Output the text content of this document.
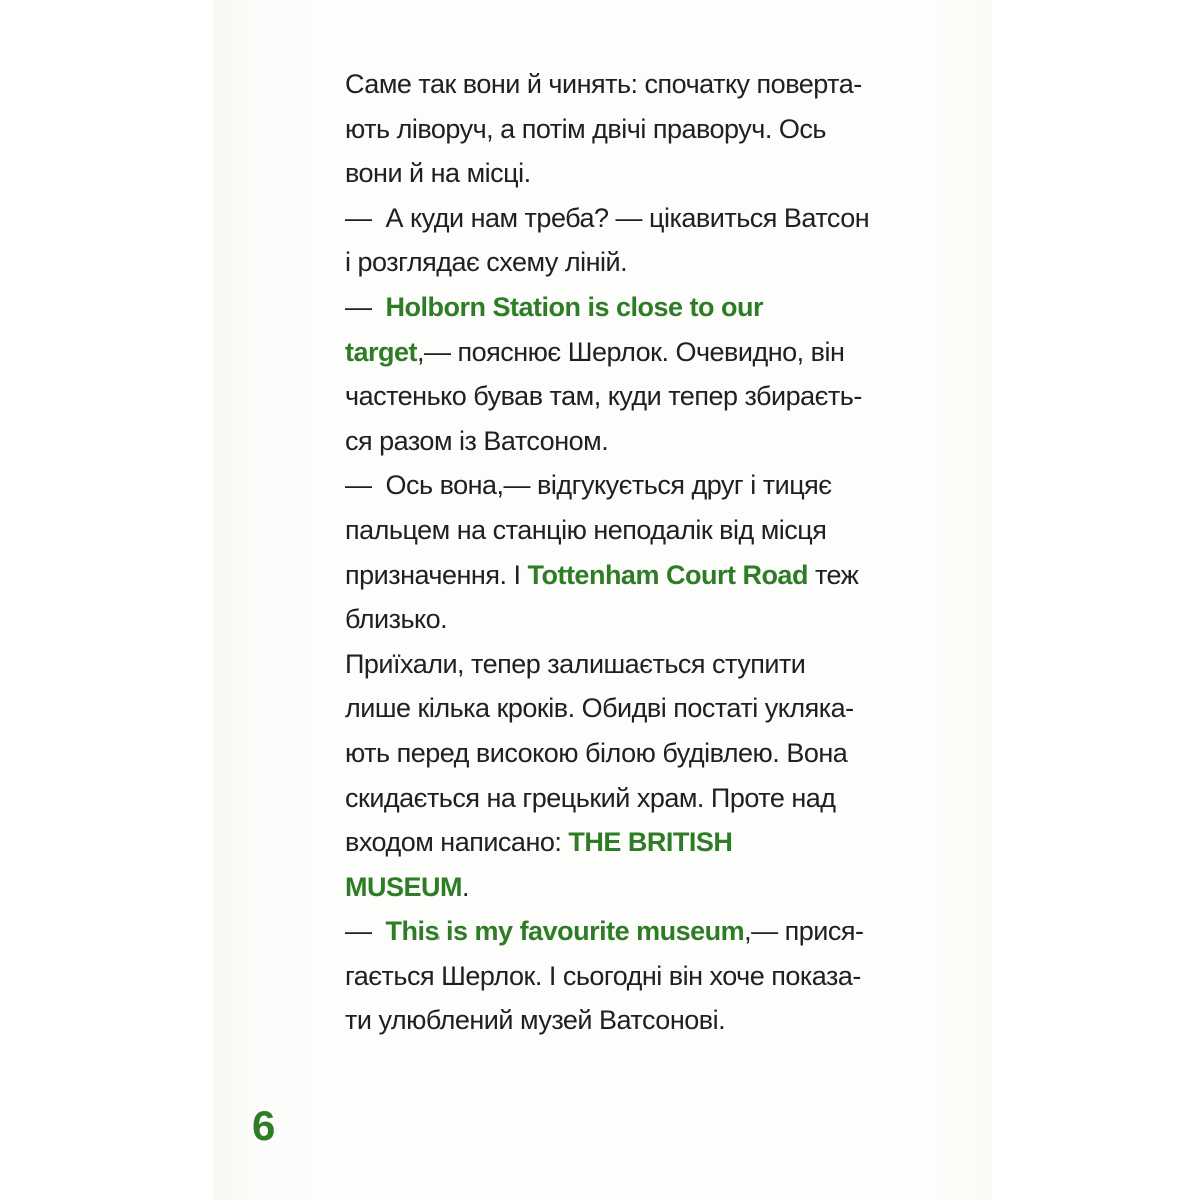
Саме так вони й чинять: спочатку поверта-
ють ліворуч, а потім двічі праворуч. Ось
вони й на місці.
—  А куди нам треба? — цікавиться Ватсон
і розглядає схему ліній.
—  Holborn Station is close to our
target,— пояснює Шерлок. Очевидно, він
частенько бував там, куди тепер збираєть-
ся разом із Ватсоном.
—  Ось вона,— відгукується друг і тицяє
пальцем на станцію неподалік від місця
призначення. І Tottenham Court Road теж
близько.
Приїхали, тепер залишається ступити
лише кілька кроків. Обидві постаті укляка-
ють перед високою білою будівлею. Вона
скидається на грецький храм. Проте над
входом написано: THE BRITISH
MUSEUM.
—  This is my favourite museum,— прися-
гається Шерлок. І сьогодні він хоче показа-
ти улюблений музей Ватсонові.
6
